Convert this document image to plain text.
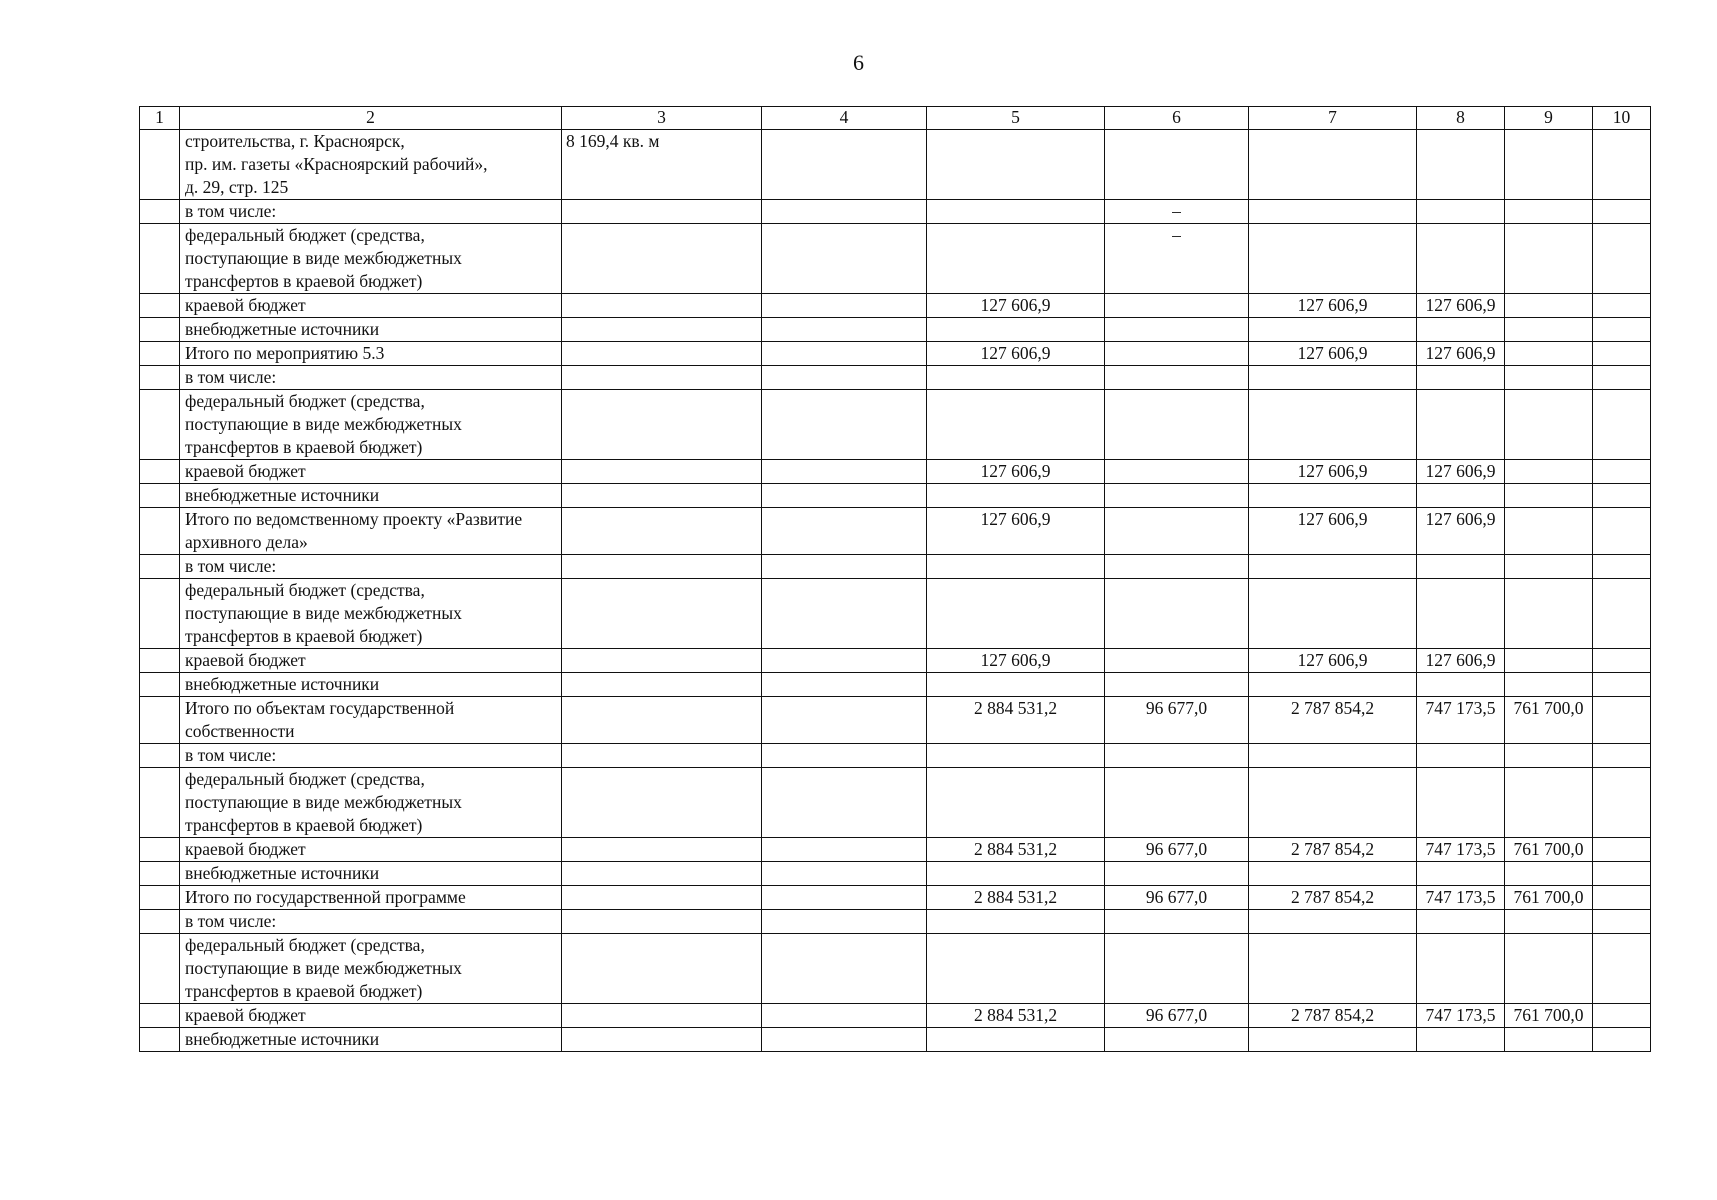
6
1	2	3	4	5	6	7	8	9	10
	строительства, г. Красноярск,
пр. им. газеты «Красноярский рабочий»,
д. 29, стр. 125	8 169,4 кв. м							
	в том числе:				–				
	федеральный бюджет (средства,
поступающие в виде межбюджетных
трансфертов в краевой бюджет)				–				
	краевой бюджет			127 606,9		127 606,9	127 606,9		
	внебюджетные источники								
	Итого по мероприятию 5.3			127 606,9		127 606,9	127 606,9		
	в том числе:								
	федеральный бюджет (средства,
поступающие в виде межбюджетных
трансфертов в краевой бюджет)								
	краевой бюджет			127 606,9		127 606,9	127 606,9		
	внебюджетные источники								
	Итого по ведомственному проекту «Развитие
архивного дела»			127 606,9		127 606,9	127 606,9		
	в том числе:								
	федеральный бюджет (средства,
поступающие в виде межбюджетных
трансфертов в краевой бюджет)								
	краевой бюджет			127 606,9		127 606,9	127 606,9		
	внебюджетные источники								
	Итого по объектам государственной
собственности			2 884 531,2	96 677,0	2 787 854,2	747 173,5	761 700,0	
	в том числе:								
	федеральный бюджет (средства,
поступающие в виде межбюджетных
трансфертов в краевой бюджет)								
	краевой бюджет			2 884 531,2	96 677,0	2 787 854,2	747 173,5	761 700,0	
	внебюджетные источники								
	Итого по государственной программе			2 884 531,2	96 677,0	2 787 854,2	747 173,5	761 700,0	
	в том числе:								
	федеральный бюджет (средства,
поступающие в виде межбюджетных
трансфертов в краевой бюджет)								
	краевой бюджет			2 884 531,2	96 677,0	2 787 854,2	747 173,5	761 700,0	
	внебюджетные источники								
